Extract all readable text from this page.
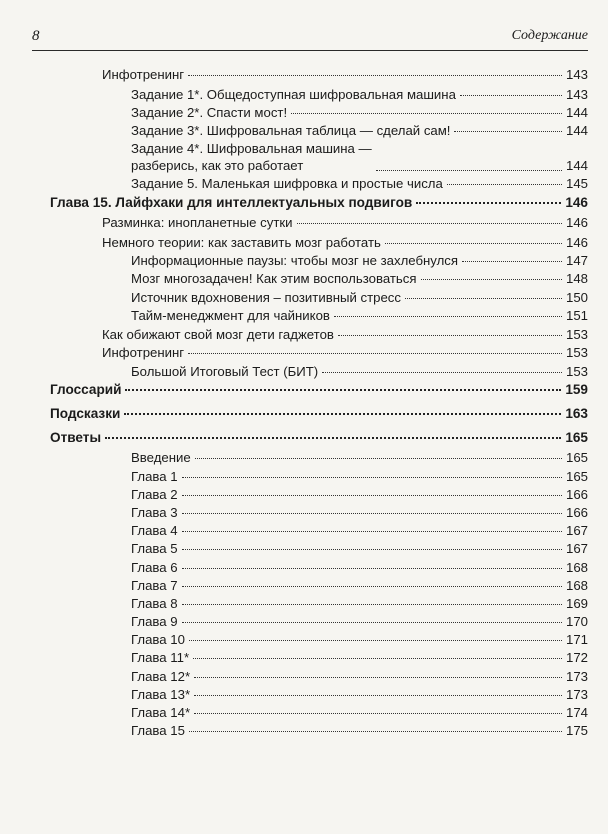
8	Содержание
Инфотренинг	143
Задание 1*. Общедоступная шифровальная машина	143
Задание 2*. Спасти мост!	144
Задание 3*. Шифровальная таблица — сделай сам!	144
Задание 4*. Шифровальная машина —
разберись, как это работает	144
Задание 5. Маленькая шифровка и простые числа	145
Глава 15. Лайфхаки для интеллектуальных подвигов	146
Разминка: инопланетные сутки	146
Немного теории: как заставить мозг работать	146
Информационные паузы: чтобы мозг не захлебнулся	147
Мозг многозадачен! Как этим воспользоваться	148
Источник вдохновения – позитивный стресс	150
Тайм-менеджмент для чайников	151
Как обижают свой мозг дети гаджетов	153
Инфотренинг	153
Большой Итоговый Тест (БИТ)	153
Глоссарий	159
Подсказки	163
Ответы	165
Введение	165
Глава 1	165
Глава 2	166
Глава 3	166
Глава 4	167
Глава 5	167
Глава 6	168
Глава 7	168
Глава 8	169
Глава 9	170
Глава 10	171
Глава 11*	172
Глава 12*	173
Глава 13*	173
Глава 14*	174
Глава 15	175
